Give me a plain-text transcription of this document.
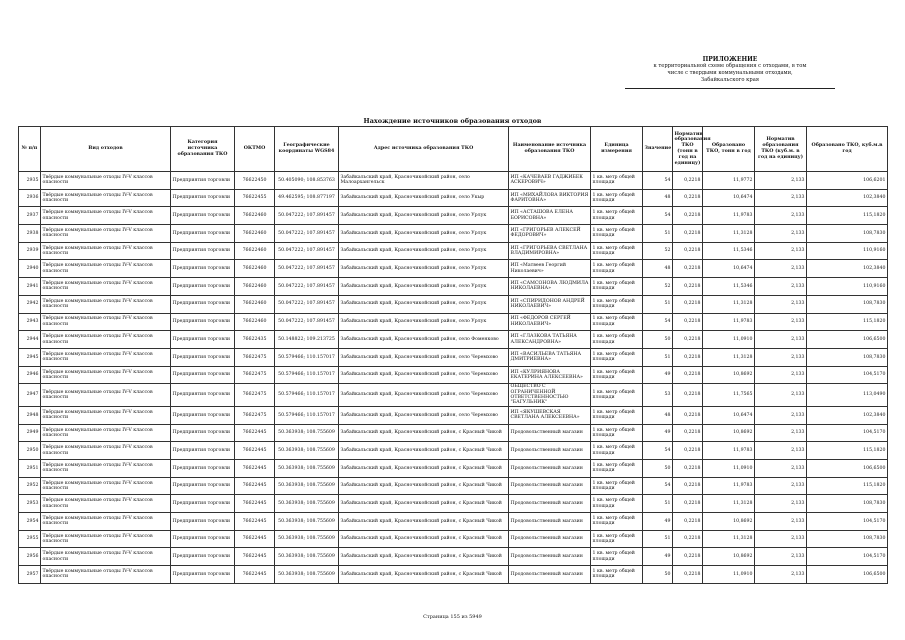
ПРИЛОЖЕНИЕ
к территориальной схеме обращения с отходами, в том
числе с твердыми коммунальными отходами,
Забайкальского края
Нахождение источников образования отходов
№ п/п	Вид отходов	Категория источника образования ТКО	ОКТМО	Географические координаты WGS84	Адрес источника образования ТКО	Наименование источника образования ТКО	Единица измерения	Значение	Норматив образования ТКО (тонн в год на единицу)	Образовано ТКО, тонн в год	Норматив образования ТКО (куб.м. в год на единицу)	Образовано ТКО, куб.м.в год
2935	Твёрдые коммунальные отходы IV-V классов опасности	Предприятия торговли	76622450	50.405090; 108.853763	Забайкальский край, Красночикойский район, село Малоархангельск	ИП «КАЧЕВАЕВ ГАДЖИБЕК АСКЕРОВИЧ»	1 кв. метр общей площади	54	0,2218	11,9772	2,133	106,6201
2936	Твёрдые коммунальные отходы IV-V классов опасности	Предприятия торговли	76622455	49.462595; 108.877197	Забайкальский край, Красночикойский район, село Укыр	ИП «МИХАЙЛОВА ВИКТОРИЯ ФАРИТОВНА»	1 кв. метр общей площади	48	0,2218	10,6474	2,133	102,3840
2937	Твёрдые коммунальные отходы IV-V классов опасности	Предприятия торговли	76622460	50.047222; 107.891457	Забайкальский край, Красночикойский район, село Урлук	ИП «АСТАШОВА ЕЛЕНА БОРИСОВНА»	1 кв. метр общей площади	54	0,2218	11,9783	2,133	115,1820
2938	Твёрдые коммунальные отходы IV-V классов опасности	Предприятия торговли	76622460	50.047222; 107.891457	Забайкальский край, Красночикойский район, село Урлук	ИП «ГРИГОРЬЕВ АЛЕКСЕЙ ФЕДОРОВИЧ»	1 кв. метр общей площади	51	0,2218	11,3128	2,133	108,7830
2939	Твёрдые коммунальные отходы IV-V классов опасности	Предприятия торговли	76622460	50.047222; 107.891457	Забайкальский край, Красночикойский район, село Урлук	ИП «ГРИГОРЬЕВА СВЕТЛАНА ВЛАДИМИРОВНА»	1 кв. метр общей площади	52	0,2218	11,5346	2,133	110,9160
2940	Твёрдые коммунальные отходы IV-V классов опасности	Предприятия торговли	76622460	50.047222; 107.891457	Забайкальский край, Красночикойский район, село Урлук	ИП «Матвеев Георгий Николаевич»	1 кв. метр общей площади	48	0,2218	10,6474	2,133	102,3840
2941	Твёрдые коммунальные отходы IV-V классов опасности	Предприятия торговли	76622460	50.047222; 107.891457	Забайкальский край, Красночикойский район, село Урлук	ИП «САМСОНОВА ЛЮДМИЛА НИКОЛАЕВНА»	1 кв. метр общей площади	52	0,2218	11,5346	2,133	110,9160
2942	Твёрдые коммунальные отходы IV-V классов опасности	Предприятия торговли	76622460	50.047222; 107.891457	Забайкальский край, Красночикойский район, село Урлук	ИП «СПИРИДОНОВ АНДРЕЙ НИКОЛАЕВИЧ»	1 кв. метр общей площади	51	0,2218	11,3128	2,133	108,7830
2943	Твёрдые коммунальные отходы IV-V классов опасности	Предприятия торговли	76622460	50.047222; 107.891457	Забайкальский край, Красночикойский район, село Урлук	ИП «ФЕДОРОВ СЕРГЕЙ НИКОЛАЕВИЧ»	1 кв. метр общей площади	54	0,2218	11,9783	2,133	115,1820
2944	Твёрдые коммунальные отходы IV-V классов опасности	Предприятия торговли	76622435	50.148822; 109.213725	Забайкальский край, Красночикойский район, село Фоменково	ИП «ГЛАЗКОВА ТАТЬЯНА АЛЕКСАНДРОВНА»	1 кв. метр общей площади	50	0,2218	11,0910	2,133	106,6500
2945	Твёрдые коммунальные отходы IV-V классов опасности	Предприятия торговли	76622475	50.579466; 110.157017	Забайкальский край, Красночикойский район, село Черемхово	ИП «ВАСИЛЬЕВА ТАТЬЯНА ДМИТРИЕВНА»	1 кв. метр общей площади	51	0,2218	11,3128	2,133	108,7830
2946	Твёрдые коммунальные отходы IV-V классов опасности	Предприятия торговли	76622475	50.579466; 110.157017	Забайкальский край, Красночикойский район, село Черемхово	ИП «КУЛРИЯНОВА ЕКАТЕРИНА АЛЕКСЕЕВНА»	1 кв. метр общей площади	49	0,2218	10,8692	2,133	104,5170
2947	Твёрдые коммунальные отходы IV-V классов опасности	Предприятия торговли	76622475	50.579466; 110.157017	Забайкальский край, Красночикойский район, село Черемхово	ОБЩЕСТВО С ОГРАНИЧЕННОЙ ОТВЕТСТВЕННОСТЬЮ "БАГУЛЬНИК"	1 кв. метр общей площади	53	0,2218	11,7565	2,133	113,0490
2948	Твёрдые коммунальные отходы IV-V классов опасности	Предприятия торговли	76622475	50.579466; 110.157017	Забайкальский край, Красночикойский район, село Черемхово	ИП «ЯКУШЕВСКАЯ СВЕТЛАНА АЛЕКСЕЕВНА»	1 кв. метр общей площади	48	0,2218	10,6474	2,133	102,3840
2949	Твёрдые коммунальные отходы IV-V классов опасности	Предприятия торговли	76622445	50.363938; 108.755609	Забайкальский край, Красночикойский район, с Красный Чикой	Продовольственный магазин	1 кв. метр общей площади	49	0,2218	10,8692	2,133	104,5170
2950	Твёрдые коммунальные отходы IV-V классов опасности	Предприятия торговли	76622445	50.363938; 108.755609	Забайкальский край, Красночикойский район, с Красный Чикой	Продовольственный магазин	1 кв. метр общей площади	54	0,2218	11,9783	2,133	115,1820
2951	Твёрдые коммунальные отходы IV-V классов опасности	Предприятия торговли	76622445	50.363938; 108.755609	Забайкальский край, Красночикойский район, с Красный Чикой	Продовольственный магазин	1 кв. метр общей площади	50	0,2218	11,0910	2,133	106,6500
2952	Твёрдые коммунальные отходы IV-V классов опасности	Предприятия торговли	76622445	50.363938; 108.755609	Забайкальский край, Красночикойский район, с Красный Чикой	Продовольственный магазин	1 кв. метр общей площади	54	0,2218	11,9783	2,133	115,1820
2953	Твёрдые коммунальные отходы IV-V классов опасности	Предприятия торговли	76622445	50.363938; 108.755609	Забайкальский край, Красночикойский район, с Красный Чикой	Продовольственный магазин	1 кв. метр общей площади	51	0,2218	11,3128	2,133	108,7830
2954	Твёрдые коммунальные отходы IV-V классов опасности	Предприятия торговли	76622445	50.363938; 108.755609	Забайкальский край, Красночикойский район, с Красный Чикой	Продовольственный магазин	1 кв. метр общей площади	49	0,2218	10,8692	2,133	104,5170
2955	Твёрдые коммунальные отходы IV-V классов опасности	Предприятия торговли	76622445	50.363938; 108.755609	Забайкальский край, Красночикойский район, с Красный Чикой	Продовольственный магазин	1 кв. метр общей площади	51	0,2218	11,3128	2,133	108,7830
2956	Твёрдые коммунальные отходы IV-V классов опасности	Предприятия торговли	76622445	50.363938; 108.755609	Забайкальский край, Красночикойский район, с Красный Чикой	Продовольственный магазин	1 кв. метр общей площади	49	0,2218	10,8692	2,133	104,5170
2957	Твёрдые коммунальные отходы IV-V классов опасности	Предприятия торговли	76622445	50.363938; 108.755609	Забайкальский край, Красночикойский район, с Красный Чикой	Продовольственный магазин	1 кв. метр общей площади	50	0,2218	11,0910	2,133	106,6500
Страница 155 из 5949
